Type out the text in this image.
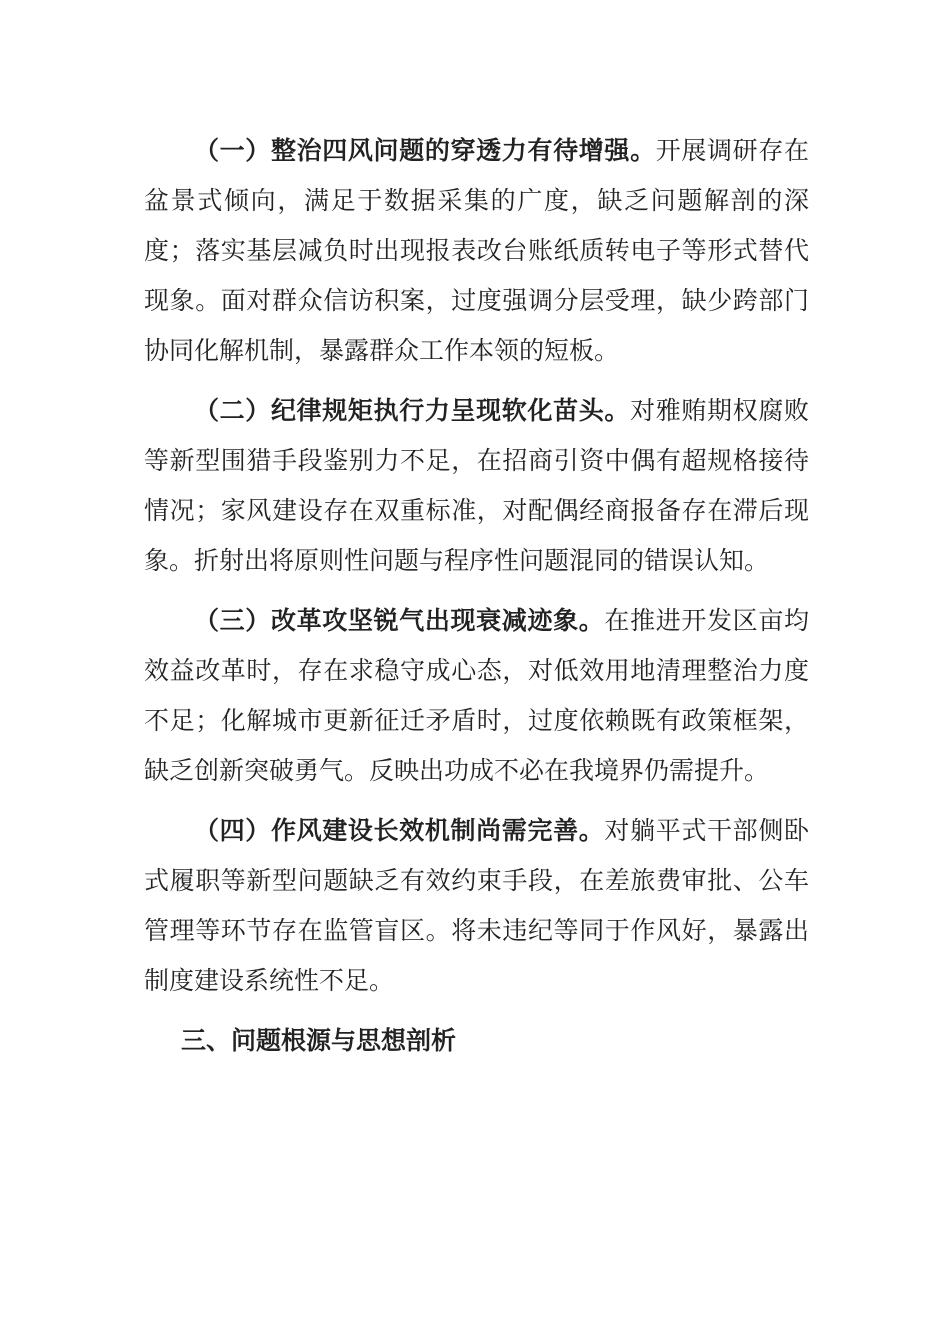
（一）整治四风问题的穿透力有待增强。开展调研存在盆景式倾向，满足于数据采集的广度，缺乏问题解剖的深度；落实基层减负时出现报表改台账纸质转电子等形式替代现象。面对群众信访积案，过度强调分层受理，缺少跨部门协同化解机制，暴露群众工作本领的短板。

（二）纪律规矩执行力呈现软化苗头。对雅贿期权腐败等新型围猎手段鉴别力不足，在招商引资中偶有超规格接待情况；家风建设存在双重标准，对配偶经商报备存在滞后现象。折射出将原则性问题与程序性问题混同的错误认知。

（三）改革攻坚锐气出现衰减迹象。在推进开发区亩均效益改革时，存在求稳守成心态，对低效用地清理整治力度不足；化解城市更新征迁矛盾时，过度依赖既有政策框架，缺乏创新突破勇气。反映出功成不必在我境界仍需提升。

（四）作风建设长效机制尚需完善。对躺平式干部侧卧式履职等新型问题缺乏有效约束手段，在差旅费审批、公车管理等环节存在监管盲区。将未违纪等同于作风好，暴露出制度建设系统性不足。

三、问题根源与思想剖析
